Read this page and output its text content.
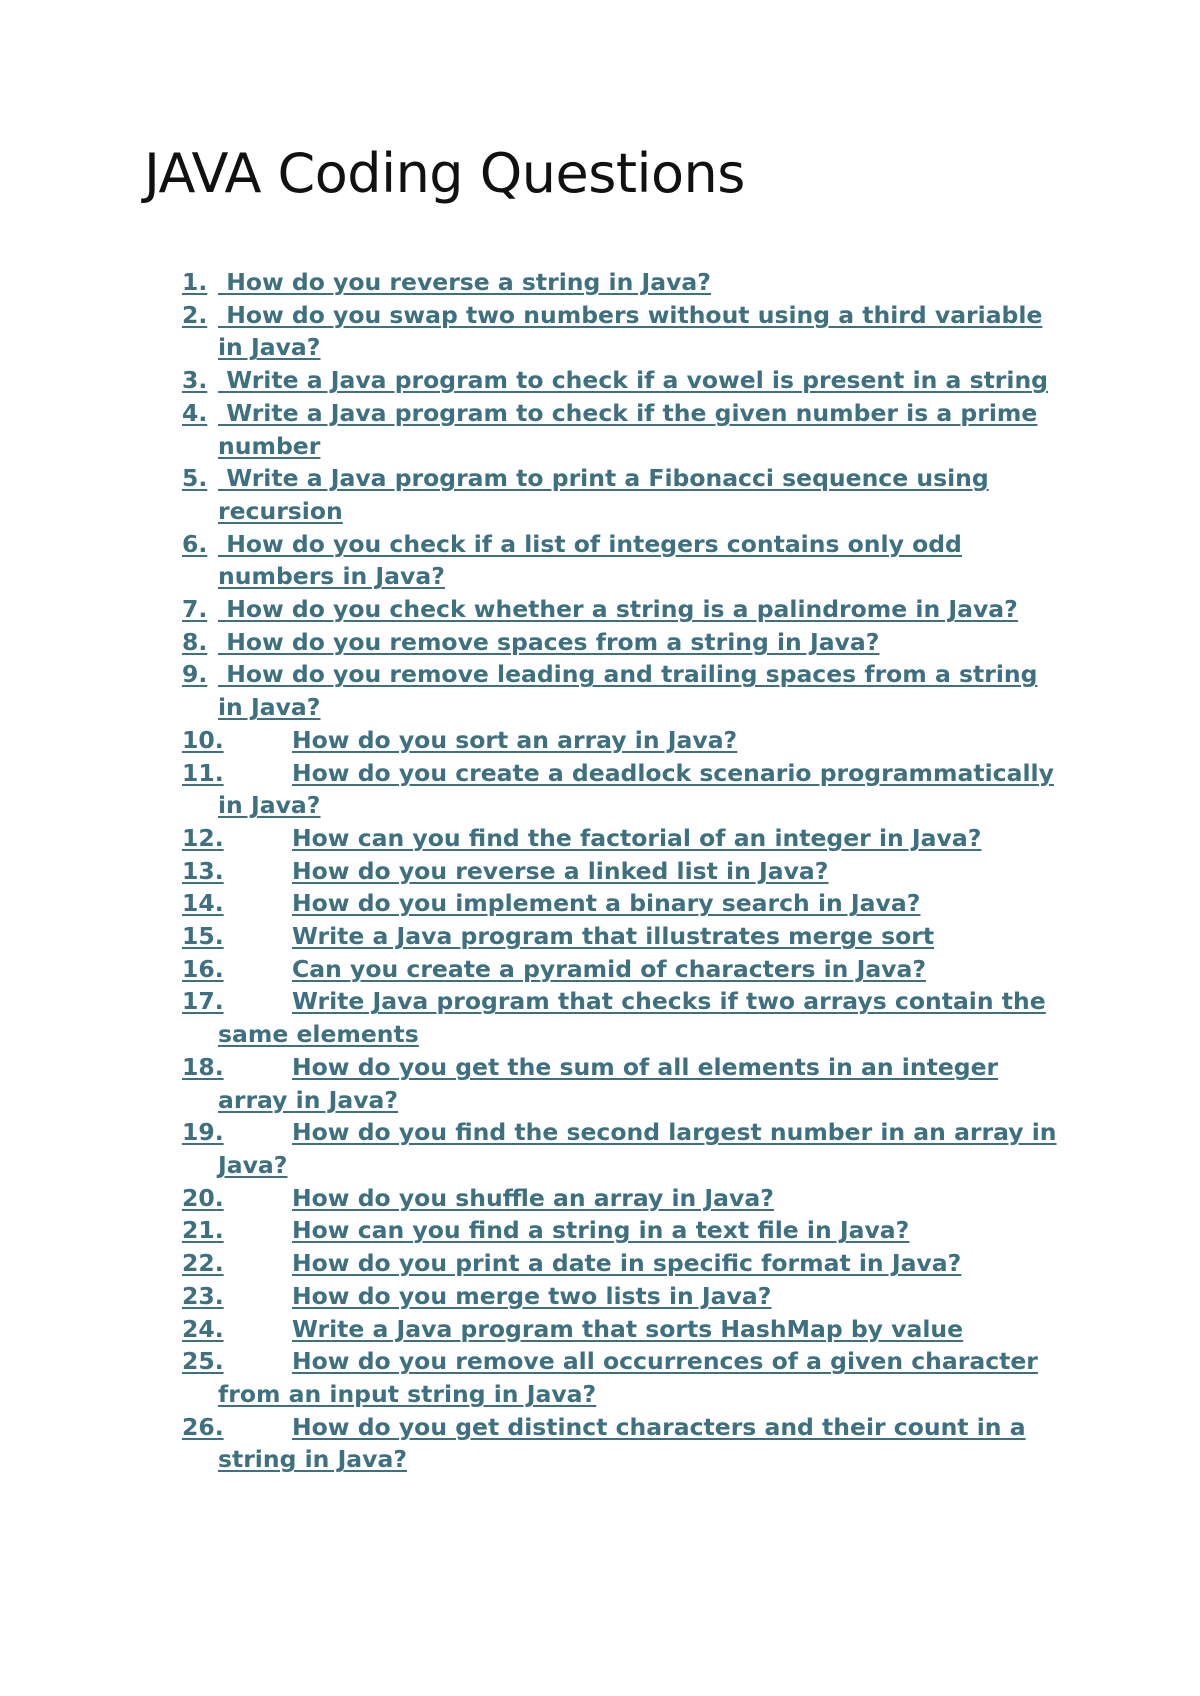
JAVA Coding Questions
1. How do you reverse a string in Java?
2. How do you swap two numbers without using a third variable in Java?
3. Write a Java program to check if a vowel is present in a string
4. Write a Java program to check if the given number is a prime number
5. Write a Java program to print a Fibonacci sequence using recursion
6. How do you check if a list of integers contains only odd numbers in Java?
7. How do you check whether a string is a palindrome in Java?
8. How do you remove spaces from a string in Java?
9. How do you remove leading and trailing spaces from a string in Java?
10.	How do you sort an array in Java?
11.	How do you create a deadlock scenario programmatically in Java?
12.	How can you find the factorial of an integer in Java?
13.	How do you reverse a linked list in Java?
14.	How do you implement a binary search in Java?
15.	Write a Java program that illustrates merge sort
16.	Can you create a pyramid of characters in Java?
17.	Write Java program that checks if two arrays contain the same elements
18.	How do you get the sum of all elements in an integer array in Java?
19.	How do you find the second largest number in an array in Java?
20.	How do you shuffle an array in Java?
21.	How can you find a string in a text file in Java?
22.	How do you print a date in specific format in Java?
23.	How do you merge two lists in Java?
24.	Write a Java program that sorts HashMap by value
25.	How do you remove all occurrences of a given character from an input string in Java?
26.	How do you get distinct characters and their count in a string in Java?
